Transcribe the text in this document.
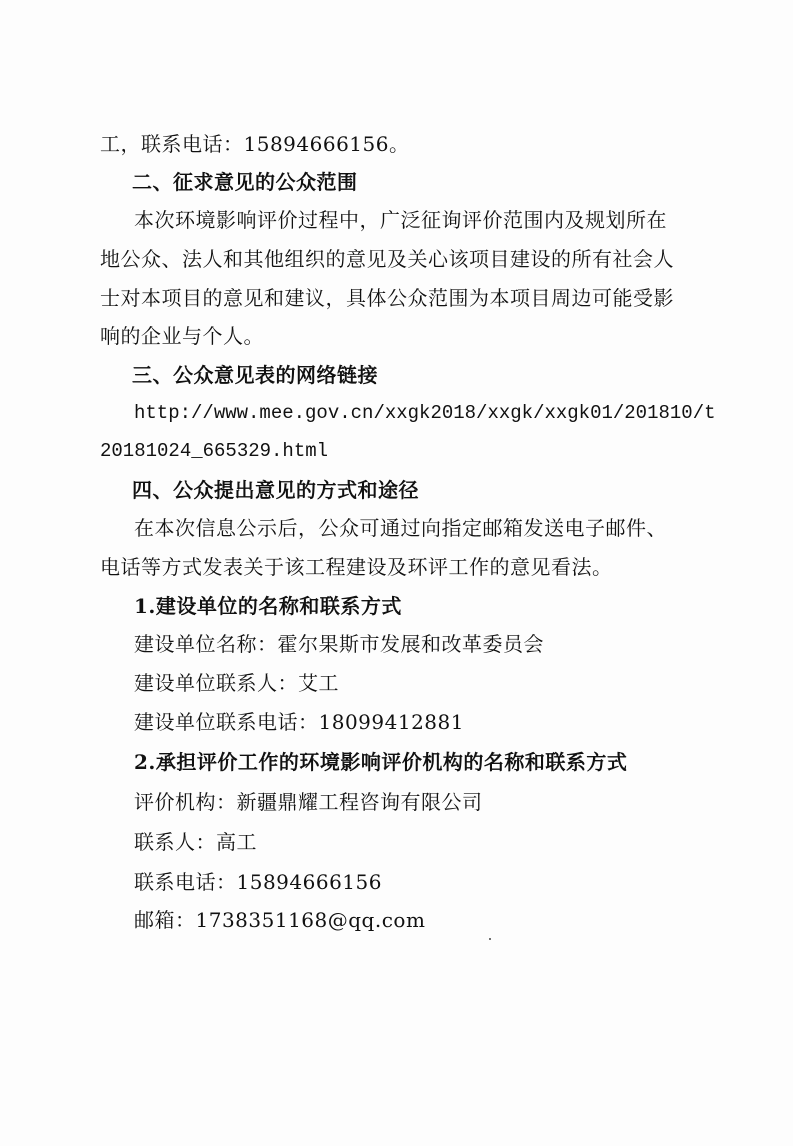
工，联系电话：15894666156。
二、征求意见的公众范围
本次环境影响评价过程中，广泛征询评价范围内及规划所在
地公众、法人和其他组织的意见及关心该项目建设的所有社会人
士对本项目的意见和建议，具体公众范围为本项目周边可能受影
响的企业与个人。
三、公众意见表的网络链接
http://www.mee.gov.cn/xxgk2018/xxgk/xxgk01/201810/t
20181024_665329.html
四、公众提出意见的方式和途径
在本次信息公示后，公众可通过向指定邮箱发送电子邮件、
电话等方式发表关于该工程建设及环评工作的意见看法。
1.建设单位的名称和联系方式
建设单位名称：霍尔果斯市发展和改革委员会
建设单位联系人：艾工
建设单位联系电话：18099412881
2.承担评价工作的环境影响评价机构的名称和联系方式
评价机构：新疆鼎耀工程咨询有限公司
联系人：高工
联系电话：15894666156
邮箱：1738351168@qq.com
